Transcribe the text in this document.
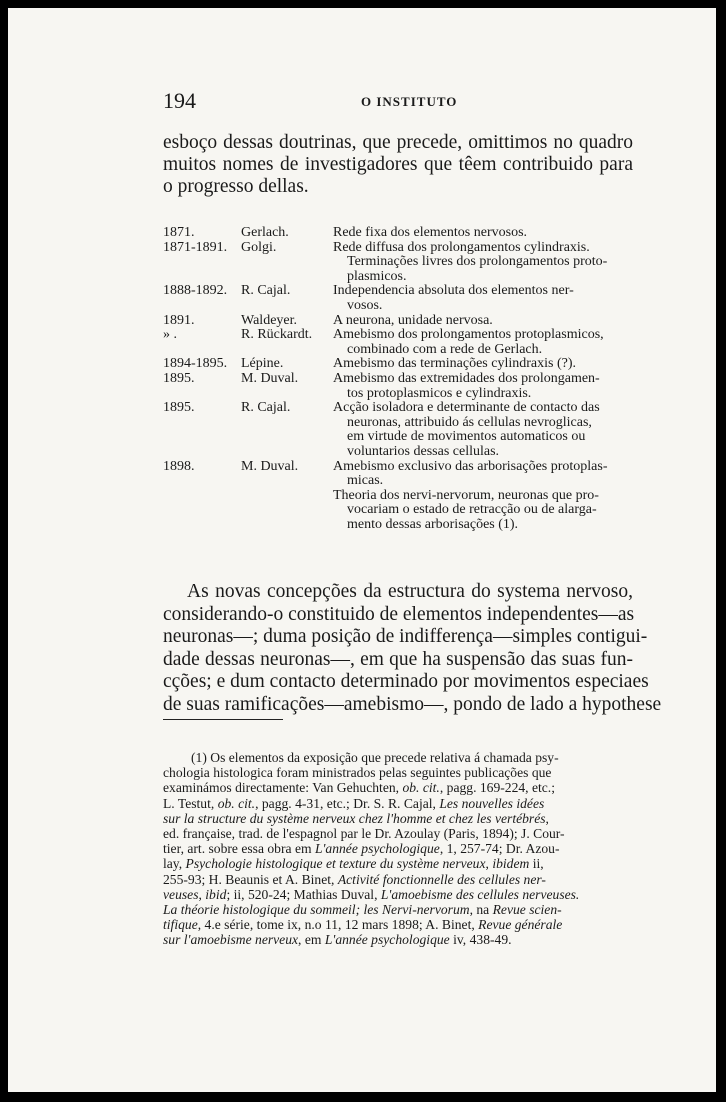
194	O INSTITUTO
esboço dessas doutrinas, que precede, omittimos no quadro
muitos nomes de investigadores que têem contribuido para
o progresso dellas.
1871.	Gerlach.	Rede fixa dos elementos nervosos.
1871-1891. Golgi.	Rede diffusa dos prolongamentos cylindraxis.
Terminações livres dos prolongamentos proto-
plasmicos.
1888-1892. R. Cajal.	Independencia absoluta dos elementos ner-
vosos.
1891.	Waldeyer.	A neurona, unidade nervosa.
» .	R. Rückardt.	Amebismo dos prolongamentos protoplasmicos,
combinado com a rede de Gerlach.
1894-1895. Lépine.	Amebismo das terminações cylindraxis (?).
1895.	M. Duval.	Amebismo das extremidades dos prolongamen-
tos protoplasmicos e cylindraxis.
1895.	R. Cajal.	Acção isoladora e determinante de contacto das
neuronas, attribuido ás cellulas nevroglicas,
em virtude de movimentos automaticos ou
voluntarios dessas cellulas.
1898.	M. Duval.	Amebismo exclusivo das arborisações protoplas-
micas.
Theoria dos nervi-nervorum, neuronas que pro-
vocariam o estado de retracção ou de alarga-
mento dessas arborisações (1).
As novas concepções da estructura do systema nervoso,
considerando-o constituido de elementos independentes—as
neuronas—; duma posição de indifferença—simples contigui-
dade dessas neuronas—, em que ha suspensão das suas fun-
cções; e dum contacto determinado por movimentos especiaes
de suas ramificações—amebismo—, pondo de lado a hypothese
(1) Os elementos da exposição que precede relativa á chamada psy-
chologia histologica foram ministrados pelas seguintes publicações que
examinámos directamente: Van Gehuchten, ob. cit., pagg. 169-224, etc.;
L. Testut, ob. cit., pagg. 4-31, etc.; Dr. S. R. Cajal, Les nouvelles idées
sur la structure du système nerveux chez l'homme et chez les vertébrés,
ed. française, trad. de l'espagnol par le Dr. Azoulay (Paris, 1894); J. Cour-
tier, art. sobre essa obra em L'année psychologique, 1, 257-74; Dr. Azou-
lay, Psychologie histologique et texture du système nerveux, ibidem ii,
255-93; H. Beaunis et A. Binet, Activité fonctionnelle des cellules ner-
veuses, ibid; ii, 520-24; Mathias Duval, L'amoebisme des cellules nerveuses.
La théorie histologique du sommeil; les Nervi-nervorum, na Revue scien-
tifique, 4.e série, tome ix, n.o 11, 12 mars 1898; A. Binet, Revue générale
sur l'amoebisme nerveux, em L'année psychologique iv, 438-49.
